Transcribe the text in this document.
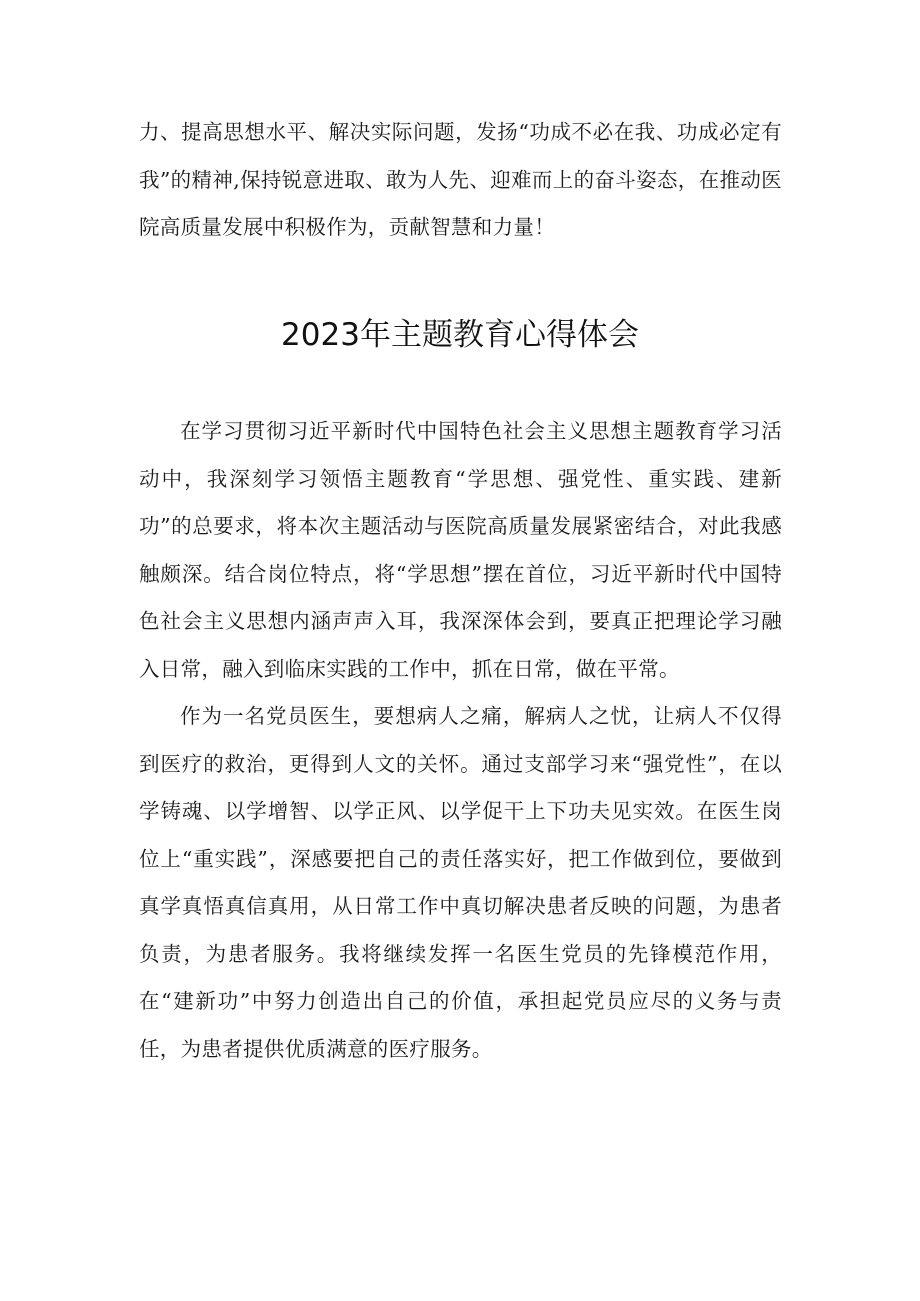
力、提高思想水平、解决实际问题，发扬“功成不必在我、功成必定有我”的精神,保持锐意进取、敢为人先、迎难而上的奋斗姿态，在推动医院高质量发展中积极作为，贡献智慧和力量！

2023年主题教育心得体会

在学习贯彻习近平新时代中国特色社会主义思想主题教育学习活动中，我深刻学习领悟主题教育“学思想、强党性、重实践、建新功”的总要求，将本次主题活动与医院高质量发展紧密结合，对此我感触颇深。结合岗位特点，将“学思想”摆在首位，习近平新时代中国特色社会主义思想内涵声声入耳，我深深体会到，要真正把理论学习融入日常，融入到临床实践的工作中，抓在日常，做在平常。

作为一名党员医生，要想病人之痛，解病人之忧，让病人不仅得到医疗的救治，更得到人文的关怀。通过支部学习来“强党性”，在以学铸魂、以学增智、以学正风、以学促干上下功夫见实效。在医生岗位上“重实践”，深感要把自己的责任落实好，把工作做到位，要做到真学真悟真信真用，从日常工作中真切解决患者反映的问题，为患者负责，为患者服务。我将继续发挥一名医生党员的先锋模范作用，在“建新功”中努力创造出自己的价值，承担起党员应尽的义务与责任，为患者提供优质满意的医疗服务。
